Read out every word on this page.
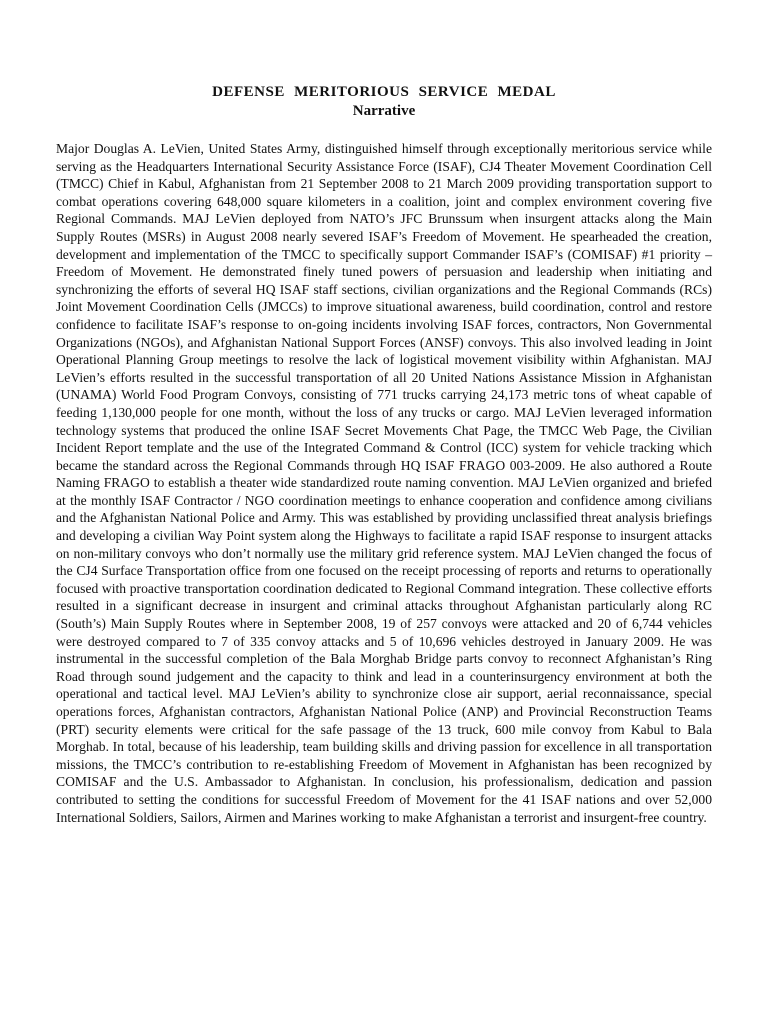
DEFENSE MERITORIOUS SERVICE MEDAL
Narrative

Major Douglas A. LeVien, United States Army, distinguished himself through exceptionally meritorious service while serving as the Headquarters International Security Assistance Force (ISAF), CJ4 Theater Movement Coordination Cell (TMCC) Chief in Kabul, Afghanistan from 21 September 2008 to 21 March 2009 providing transportation support to combat operations covering 648,000 square kilometers in a coalition, joint and complex environment covering five Regional Commands. MAJ LeVien deployed from NATO’s JFC Brunssum when insurgent attacks along the Main Supply Routes (MSRs) in August 2008 nearly severed ISAF’s Freedom of Movement. He spearheaded the creation, development and implementation of the TMCC to specifically support Commander ISAF’s (COMISAF) #1 priority – Freedom of Movement. He demonstrated finely tuned powers of persuasion and leadership when initiating and synchronizing the efforts of several HQ ISAF staff sections, civilian organizations and the Regional Commands (RCs) Joint Movement Coordination Cells (JMCCs) to improve situational awareness, build coordination, control and restore confidence to facilitate ISAF’s response to on-going incidents involving ISAF forces, contractors, Non Governmental Organizations (NGOs), and Afghanistan National Support Forces (ANSF) convoys. This also involved leading in Joint Operational Planning Group meetings to resolve the lack of logistical movement visibility within Afghanistan. MAJ LeVien’s efforts resulted in the successful transportation of all 20 United Nations Assistance Mission in Afghanistan (UNAMA) World Food Program Convoys, consisting of 771 trucks carrying 24,173 metric tons of wheat capable of feeding 1,130,000 people for one month, without the loss of any trucks or cargo. MAJ LeVien leveraged information technology systems that produced the online ISAF Secret Movements Chat Page, the TMCC Web Page, the Civilian Incident Report template and the use of the Integrated Command & Control (ICC) system for vehicle tracking which became the standard across the Regional Commands through HQ ISAF FRAGO 003-2009. He also authored a Route Naming FRAGO to establish a theater wide standardized route naming convention. MAJ LeVien organized and briefed at the monthly ISAF Contractor / NGO coordination meetings to enhance cooperation and confidence among civilians and the Afghanistan National Police and Army. This was established by providing unclassified threat analysis briefings and developing a civilian Way Point system along the Highways to facilitate a rapid ISAF response to insurgent attacks on non-military convoys who don’t normally use the military grid reference system. MAJ LeVien changed the focus of the CJ4 Surface Transportation office from one focused on the receipt processing of reports and returns to operationally focused with proactive transportation coordination dedicated to Regional Command integration. These collective efforts resulted in a significant decrease in insurgent and criminal attacks throughout Afghanistan particularly along RC (South’s) Main Supply Routes where in September 2008, 19 of 257 convoys were attacked and 20 of 6,744 vehicles were destroyed compared to 7 of 335 convoy attacks and 5 of 10,696 vehicles destroyed in January 2009. He was instrumental in the successful completion of the Bala Morghab Bridge parts convoy to reconnect Afghanistan’s Ring Road through sound judgement and the capacity to think and lead in a counterinsurgency environment at both the operational and tactical level. MAJ LeVien’s ability to synchronize close air support, aerial reconnaissance, special operations forces, Afghanistan contractors, Afghanistan National Police (ANP) and Provincial Reconstruction Teams (PRT) security elements were critical for the safe passage of the 13 truck, 600 mile convoy from Kabul to Bala Morghab. In total, because of his leadership, team building skills and driving passion for excellence in all transportation missions, the TMCC’s contribution to re-establishing Freedom of Movement in Afghanistan has been recognized by COMISAF and the U.S. Ambassador to Afghanistan. In conclusion, his professionalism, dedication and passion contributed to setting the conditions for successful Freedom of Movement for the 41 ISAF nations and over 52,000 International Soldiers, Sailors, Airmen and Marines working to make Afghanistan a terrorist and insurgent-free country.
